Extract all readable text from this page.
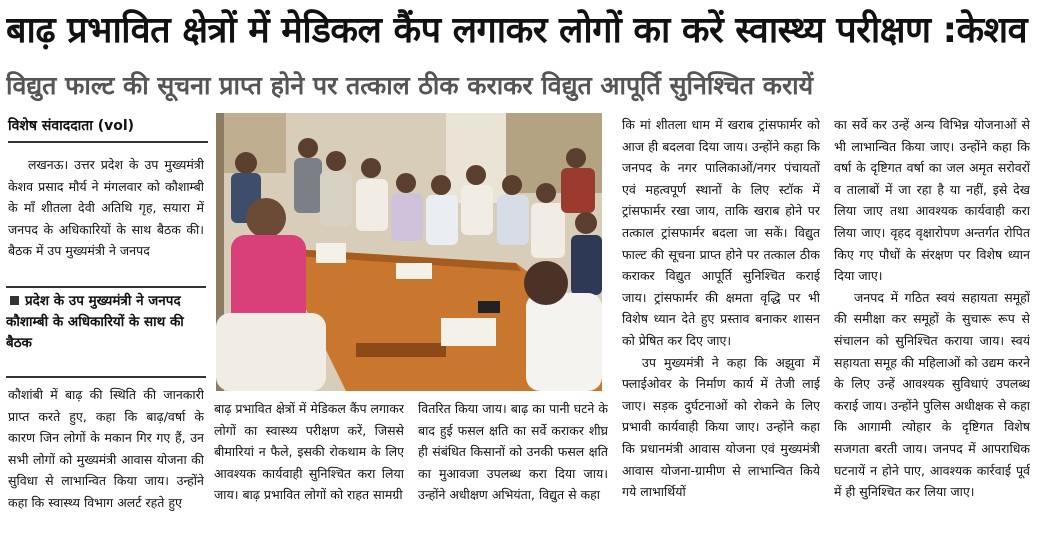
बाढ़ प्रभावित क्षेत्रों में मेडिकल कैंप लगाकर लोगों का करें स्वास्थ्य परीक्षण :केशव
विद्युत फाल्ट की सूचना प्राप्त होने पर तत्काल ठीक कराकर विद्युत आपूर्ति सुनिश्चित करायें
विशेष संवाददाता (vol)

लखनऊ। उत्तर प्रदेश के उप मुख्यमंत्री केशव प्रसाद मौर्य ने मंगलवार को कौशाम्बी के माँ शीतला देवी अतिथि गृह, सयारा में जनपद के अधिकारियों के साथ बैठक की। बैठक में उप मुख्यमंत्री ने जनपद

प्रदेश के उप मुख्यमंत्री ने जनपद कौशाम्बी के अधिकारियों के साथ की बैठक

कौशांबी में बाढ़ की स्थिति की जानकारी प्राप्त करते हुए, कहा कि बाढ़/वर्षा के कारण जिन लोगों के मकान गिर गए हैं, उन सभी लोगों को मुख्यमंत्री आवास योजना की सुविधा से लाभान्वित किया जाय। उन्होंने कहा कि स्वास्थ्य विभाग अलर्ट रहते हुए

बाढ़ प्रभावित क्षेत्रों में मेडिकल कैंप लगाकर लोगों का स्वास्थ्य परीक्षण करें, जिससे बीमारियां न फैले, इसकी रोकथाम के लिए आवश्यक कार्यवाही सुनिश्चित करा लिया जाय। बाढ़ प्रभावित लोगों को राहत सामग्री

वितरित किया जाय। बाढ़ का पानी घटने के बाद हुई फसल क्षति का सर्वे कराकर शीघ्र ही संबंधित किसानों को उनकी फसल क्षति का मुआवजा उपलब्ध करा दिया जाय। उन्होंने अधीक्षण अभियंता, विद्युत से कहा

कि मां शीतला धाम में खराब ट्रांसफार्मर को आज ही बदलवा दिया जाय। उन्होंने कहा कि जनपद के नगर पालिकाओं/नगर पंचायतों एवं महत्वपूर्ण स्थानों के लिए स्टॉक में ट्रांसफार्मर रखा जाय, ताकि खराब होने पर तत्काल ट्रांसफार्मर बदला जा सकें। विद्युत फाल्ट की सूचना प्राप्त होने पर तत्काल ठीक कराकर विद्युत आपूर्ति सुनिश्चित कराई जाय। ट्रांसफार्मर की क्षमता वृद्धि पर भी विशेष ध्यान देते हुए प्रस्ताव बनाकर शासन को प्रेषित कर दिए जाए।

उप मुख्यमंत्री ने कहा कि अझुवा में फ्लाईओवर के निर्माण कार्य में तेजी लाई जाए। सड़क दुर्घटनाओं को रोकने के लिए प्रभावी कार्यवाही किया जाए। उन्होंने कहा कि प्रधानमंत्री आवास योजना एवं मुख्यमंत्री आवास योजना-ग्रामीण से लाभान्वित किये गये लाभार्थियों

का सर्वे कर उन्हें अन्य विभिन्न योजनाओं से भी लाभान्वित किया जाए। उन्होंने कहा कि वर्षा के दृष्टिगत वर्षा का जल अमृत सरोवरों व तालाबों में जा रहा है या नहीं, इसे देख लिया जाए तथा आवश्यक कार्यवाही करा लिया जाए। वृहद वृक्षारोपण अन्तर्गत रोपित किए गए पौधों के संरक्षण पर विशेष ध्यान दिया जाए।

जनपद में गठित स्वयं सहायता समूहों की समीक्षा कर समूहों के सुचारू रूप से संचालन को सुनिश्चित कराया जाय। स्वयं सहायता समूह की महिलाओं को उद्यम करने के लिए उन्हें आवश्यक सुविधाएं उपलब्ध कराई जाय। उन्होंने पुलिस अधीक्षक से कहा कि आगामी त्योहार के दृष्टिगत विशेष सजगता बरती जाय। जनपद में आपराधिक घटनायें न होने पाए, आवश्यक कार्रवाई पूर्व में ही सुनिश्चित कर लिया जाए।
